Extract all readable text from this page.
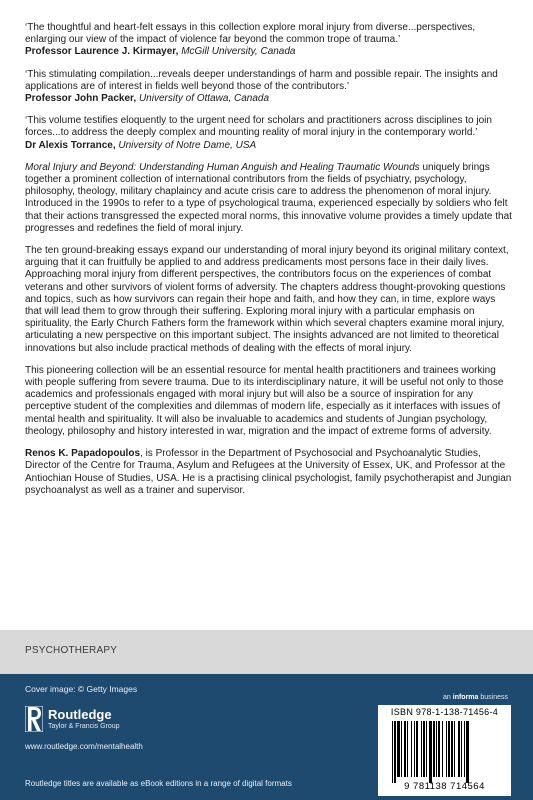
‘The thoughtful and heart-felt essays in this collection explore moral injury from diverse...perspectives, enlarging our view of the impact of violence far beyond the common trope of trauma.’
Professor Laurence J. Kirmayer, McGill University, Canada
‘This stimulating compilation...reveals deeper understandings of harm and possible repair. The insights and applications are of interest in fields well beyond those of the contributors.’
Professor John Packer, University of Ottawa, Canada
‘This volume testifies eloquently to the urgent need for scholars and practitioners across disciplines to join forces...to address the deeply complex and mounting reality of moral injury in the contemporary world.’
Dr Alexis Torrance, University of Notre Dame, USA

Moral Injury and Beyond: Understanding Human Anguish and Healing Traumatic Wounds uniquely brings together a prominent collection of international contributors from the fields of psychiatry, psychology, philosophy, theology, military chaplaincy and acute crisis care to address the phenomenon of moral injury. Introduced in the 1990s to refer to a type of psychological trauma, experienced especially by soldiers who felt that their actions transgressed the expected moral norms, this innovative volume provides a timely update that progresses and redefines the field of moral injury.

The ten ground-breaking essays expand our understanding of moral injury beyond its original military context, arguing that it can fruitfully be applied to and address predicaments most persons face in their daily lives. Approaching moral injury from different perspectives, the contributors focus on the experiences of combat veterans and other survivors of violent forms of adversity. The chapters address thought-provoking questions and topics, such as how survivors can regain their hope and faith, and how they can, in time, explore ways that will lead them to grow through their suffering. Exploring moral injury with a particular emphasis on spirituality, the Early Church Fathers form the framework within which several chapters examine moral injury, articulating a new perspective on this important subject. The insights advanced are not limited to theoretical innovations but also include practical methods of dealing with the effects of moral injury.

This pioneering collection will be an essential resource for mental health practitioners and trainees working with people suffering from severe trauma. Due to its interdisciplinary nature, it will be useful not only to those academics and professionals engaged with moral injury but will also be a source of inspiration for any perceptive student of the complexities and dilemmas of modern life, especially as it interfaces with issues of mental health and spirituality. It will also be invaluable to academics and students of Jungian psychology, theology, philosophy and history interested in war, migration and the impact of extreme forms of adversity.

Renos K. Papadopoulos, is Professor in the Department of Psychosocial and Psychoanalytic Studies, Director of the Centre for Trauma, Asylum and Refugees at the University of Essex, UK, and Professor at the Antiochian House of Studies, USA. He is a practising clinical psychologist, family psychotherapist and Jungian psychoanalyst as well as a trainer and supervisor.

PSYCHOTHERAPY
Cover image: © Getty Images
an informa business
Routledge
Taylor & Francis Group
www.routledge.com/mentalhealth
Routledge titles are available as eBook editions in a range of digital formats
ISBN 978-1-138-71456-4
9 781138 714564
